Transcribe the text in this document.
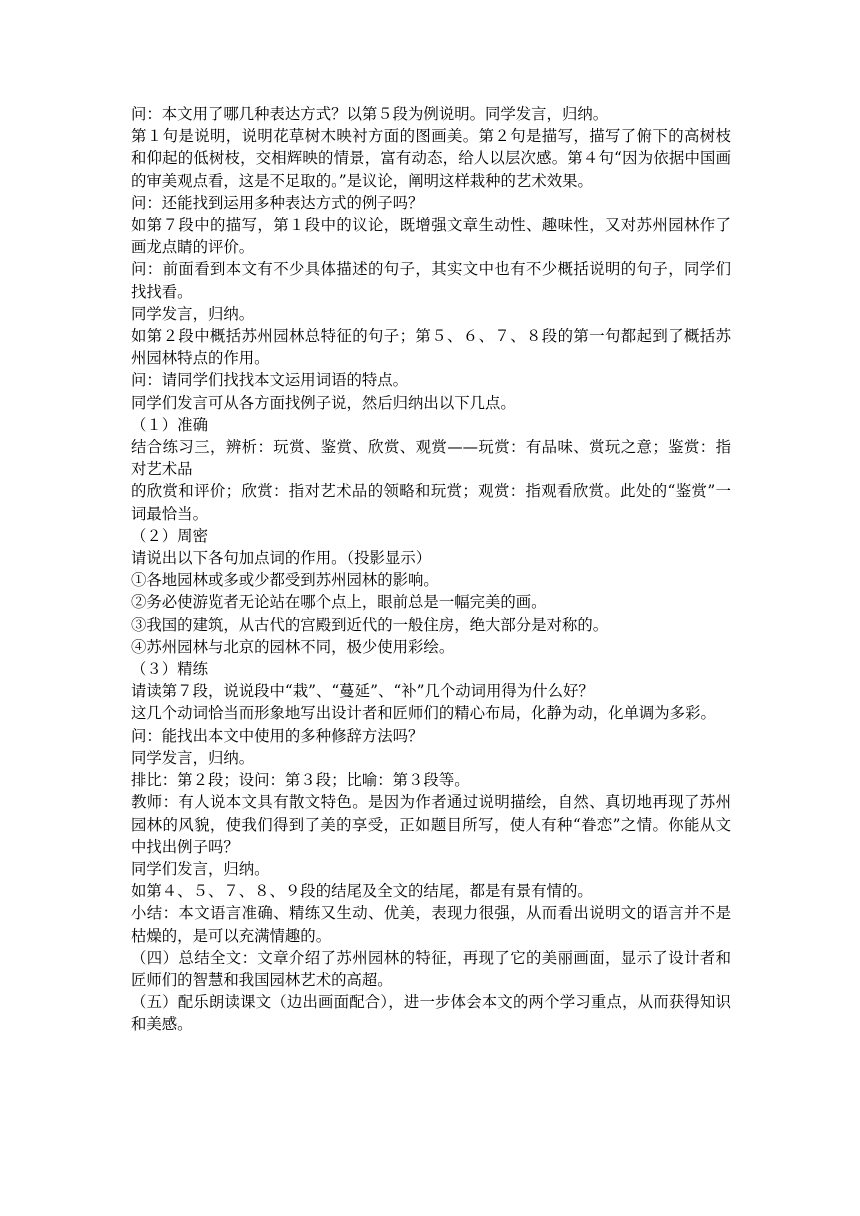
问：本文用了哪几种表达方式？以第５段为例说明。同学发言，归纳。

第１句是说明，说明花草树木映衬方面的图画美。第２句是描写，描写了俯下的高树枝和仰起的低树枝，交相辉映的情景，富有动态，给人以层次感。第４句“因为依据中国画的审美观点看，这是不足取的。”是议论，阐明这样栽种的艺术效果。

问：还能找到运用多种表达方式的例子吗？

如第７段中的描写，第１段中的议论，既增强文章生动性、趣味性，又对苏州园林作了画龙点睛的评价。

问：前面看到本文有不少具体描述的句子，其实文中也有不少概括说明的句子，同学们找找看。

同学发言，归纳。

如第２段中概括苏州园林总特征的句子；第５、６、７、８段的第一句都起到了概括苏州园林特点的作用。

问：请同学们找找本文运用词语的特点。

同学们发言可从各方面找例子说，然后归纳出以下几点。

（１）准确

结合练习三，辨析：玩赏、鉴赏、欣赏、观赏——玩赏：有品味、赏玩之意；鉴赏：指对艺术品

的欣赏和评价；欣赏：指对艺术品的领略和玩赏；观赏：指观看欣赏。此处的“鉴赏”一词最恰当。

（２）周密

请说出以下各句加点词的作用。（投影显示）

①各地园林或多或少都受到苏州园林的影响。

②务必使游览者无论站在哪个点上，眼前总是一幅完美的画。

③我国的建筑，从古代的宫殿到近代的一般住房，绝大部分是对称的。

④苏州园林与北京的园林不同，极少使用彩绘。

（３）精练

请读第７段，说说段中“栽”、“蔓延”、“补”几个动词用得为什么好？

这几个动词恰当而形象地写出设计者和匠师们的精心布局，化静为动，化单调为多彩。

问：能找出本文中使用的多种修辞方法吗？

同学发言，归纳。

排比：第２段；设问：第３段；比喻：第３段等。

教师：有人说本文具有散文特色。是因为作者通过说明描绘，自然、真切地再现了苏州园林的风貌，使我们得到了美的享受，正如题目所写，使人有种“眷恋”之情。你能从文中找出例子吗？

同学们发言，归纳。

如第４、５、７、８、９段的结尾及全文的结尾，都是有景有情的。

小结：本文语言准确、精练又生动、优美，表现力很强，从而看出说明文的语言并不是枯燥的，是可以充满情趣的。

（四）总结全文：文章介绍了苏州园林的特征，再现了它的美丽画面，显示了设计者和匠师们的智慧和我国园林艺术的高超。

（五）配乐朗读课文（边出画面配合），进一步体会本文的两个学习重点，从而获得知识和美感。
